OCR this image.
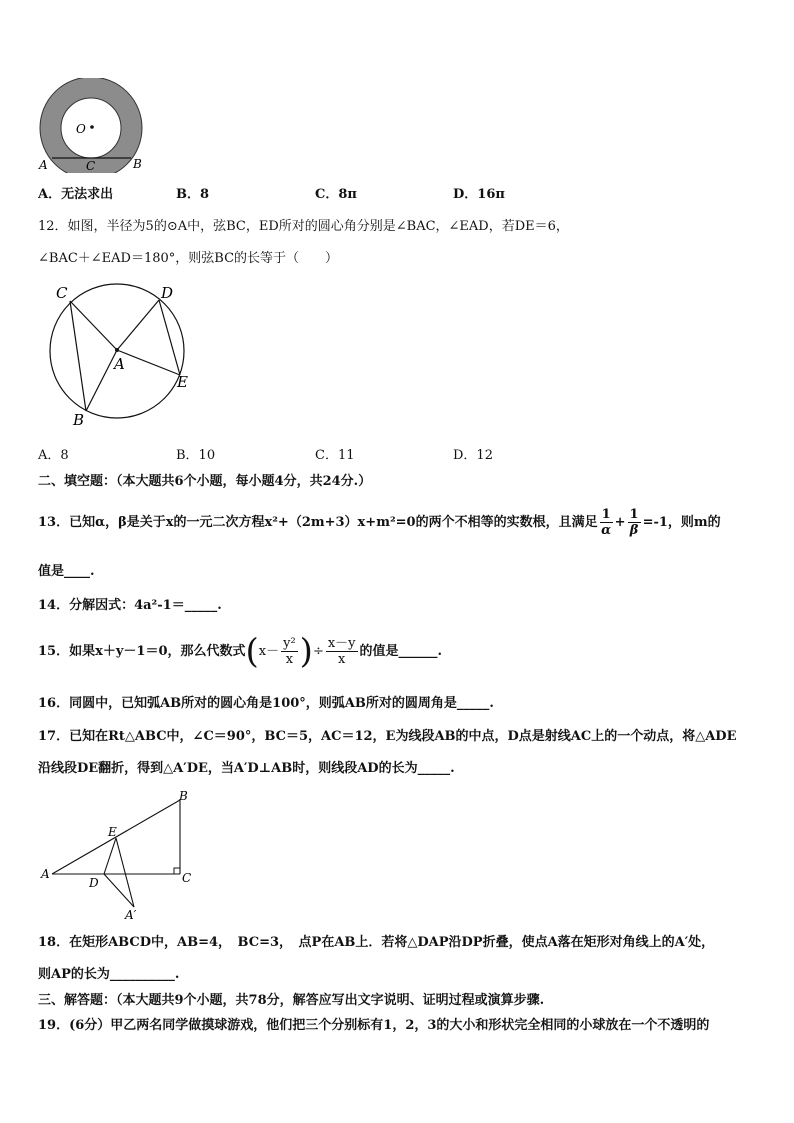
O
A	C	B
A．无法求出	B．8	C．8π	D．16π
12．如图，半径为5的⊙A中，弦BC，ED所对的圆心角分别是∠BAC，∠EAD，若DE＝6，
∠BAC＋∠EAD＝180°，则弦BC的长等于（　　）
C	D
A
E
B
A．8	B．10	C．11	D．12
二、填空题：（本大题共6个小题，每小题4分，共24分.）
13．已知α，β是关于x的一元二次方程x²+（2m+3）x+m²=0的两个不相等的实数根，且满足 $\frac{1}{\alpha} + \frac{1}{\beta} =-1$，则m的
值是____.
14．分解因式：4a²-1＝_____.
15．如果x＋y－1＝0，那么代数式($x- \frac{\text{y²}}{x}$ )÷ $\frac{x-y}{x}$ 的值是______.
16．同圆中，已知弧AB所对的圆心角是100°，则弧AB所对的圆周角是_____.
17．已知在Rt△ABC中，∠C＝90°，BC＝5，AC＝12，E为线段AB的中点，D点是射线AC上的一个动点，将△ADE
沿线段DE翻折，得到△A′DE，当A′D⊥AB时，则线段AD的长为_____.
B
E
A
D	C
A′
18．在矩形ABCD中，AB=4，　BC=3，　点P在AB上．若将△DAP沿DP折叠，使点A落在矩形对角线上的A′处，
则AP的长为__________.
三、解答题：（本大题共9个小题，共78分，解答应写出文字说明、证明过程或演算步骤.
19．(6分）甲乙两名同学做摸球游戏，他们把三个分别标有1，2，3的大小和形状完全相同的小球放在一个不透明的
